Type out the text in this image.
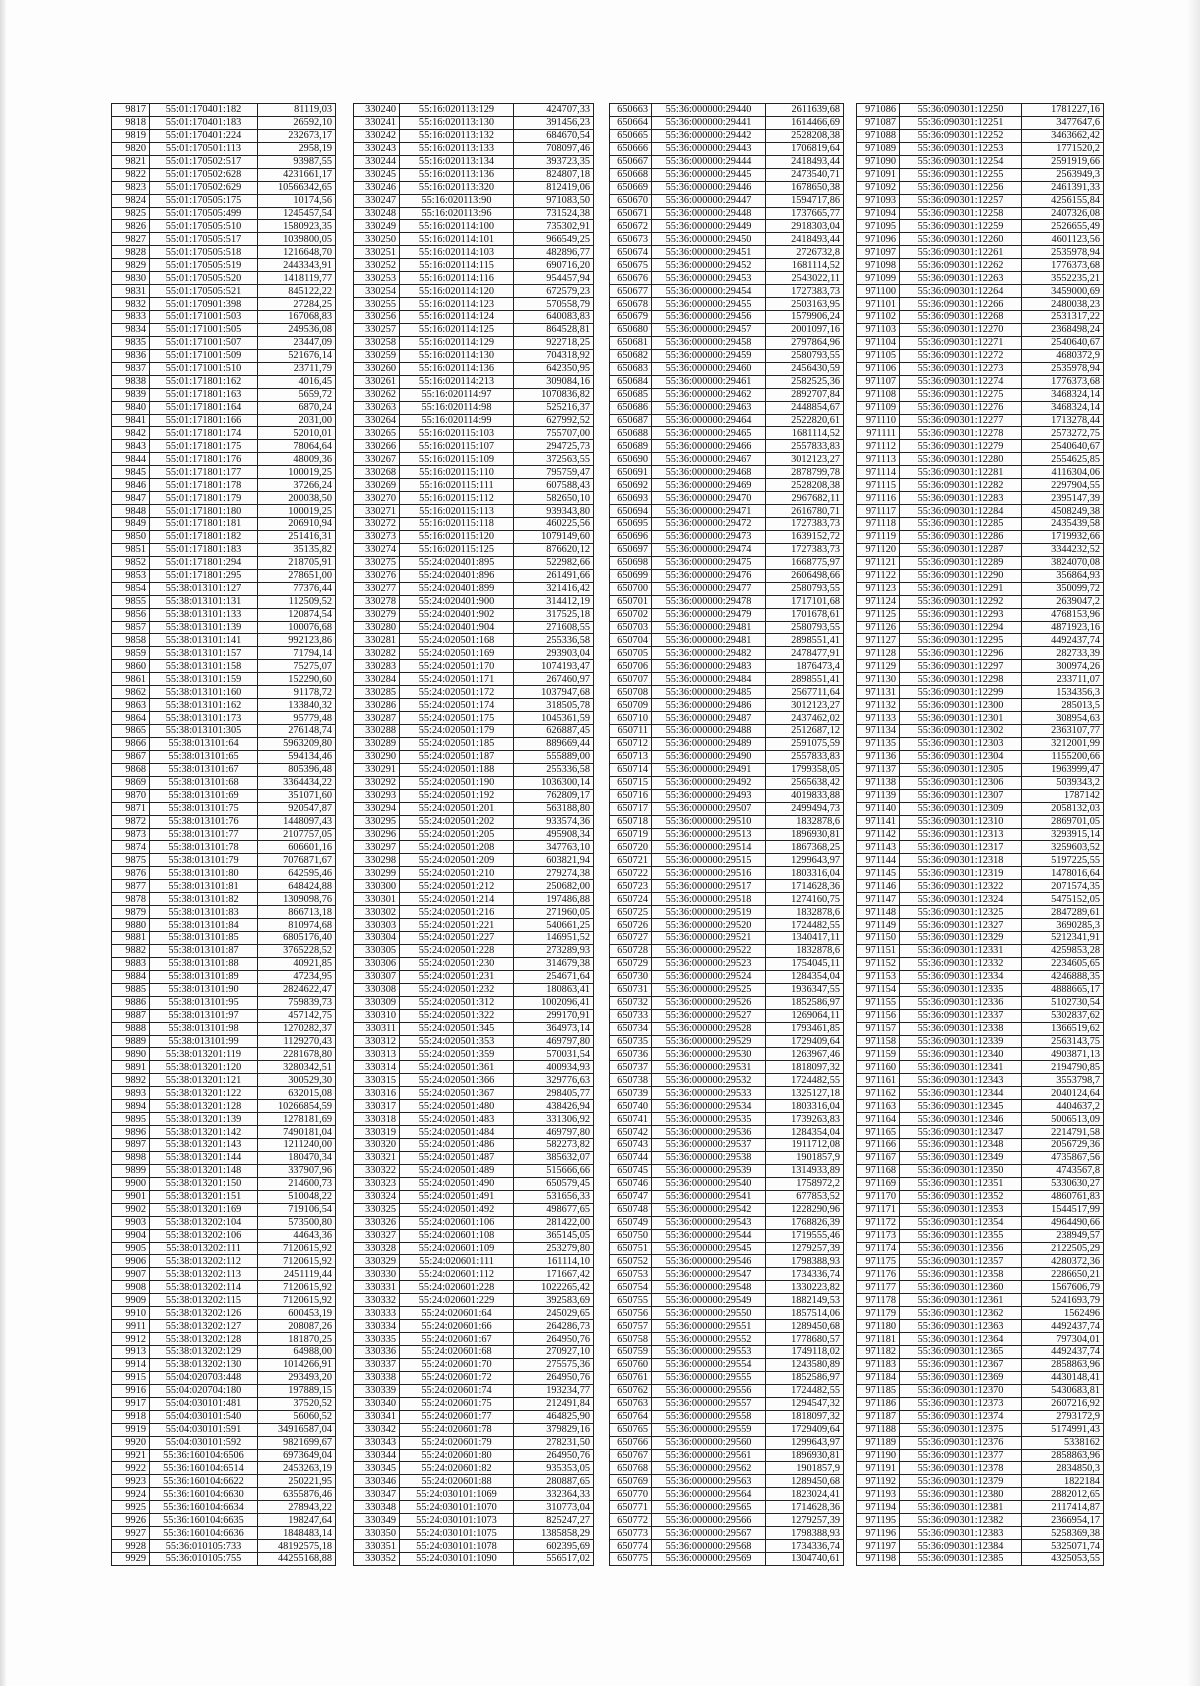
9817	55:01:170401:182	81119,03
9818	55:01:170401:183	26592,10
9819	55:01:170401:224	232673,17
9820	55:01:170501:113	2958,19
9821	55:01:170502:517	93987,55
9822	55:01:170502:628	4231661,17
9823	55:01:170502:629	10566342,65
9824	55:01:170505:175	10174,56
9825	55:01:170505:499	1245457,54
9826	55:01:170505:510	1580923,35
9827	55:01:170505:517	1039800,05
9828	55:01:170505:518	1216648,70
9829	55:01:170505:519	2443343,91
9830	55:01:170505:520	1418119,77
9831	55:01:170505:521	845122,22
9832	55:01:170901:398	27284,25
9833	55:01:171001:503	167068,83
9834	55:01:171001:505	249536,08
9835	55:01:171001:507	23447,09
9836	55:01:171001:509	521676,14
9837	55:01:171001:510	23711,79
9838	55:01:171801:162	4016,45
9839	55:01:171801:163	5659,72
9840	55:01:171801:164	6870,24
9841	55:01:171801:166	2031,00
9842	55:01:171801:174	52010,01
9843	55:01:171801:175	78064,64
9844	55:01:171801:176	48009,36
9845	55:01:171801:177	100019,25
9846	55:01:171801:178	37266,24
9847	55:01:171801:179	200038,50
9848	55:01:171801:180	100019,25
9849	55:01:171801:181	206910,94
9850	55:01:171801:182	251416,31
9851	55:01:171801:183	35135,82
9852	55:01:171801:294	218705,91
9853	55:01:171801:295	278651,00
9854	55:38:013101:127	77376,44
9855	55:38:013101:131	112509,52
9856	55:38:013101:133	120874,54
9857	55:38:013101:139	100076,68
9858	55:38:013101:141	992123,86
9859	55:38:013101:157	71794,14
9860	55:38:013101:158	75275,07
9861	55:38:013101:159	152290,60
9862	55:38:013101:160	91178,72
9863	55:38:013101:162	133840,32
9864	55:38:013101:173	95779,48
9865	55:38:013101:305	276148,74
9866	55:38:013101:64	5963209,80
9867	55:38:013101:65	594134,46
9868	55:38:013101:67	805396,48
9869	55:38:013101:68	3364434,22
9870	55:38:013101:69	351071,60
9871	55:38:013101:75	920547,87
9872	55:38:013101:76	1448097,43
9873	55:38:013101:77	2107757,05
9874	55:38:013101:78	606601,16
9875	55:38:013101:79	7076871,67
9876	55:38:013101:80	642595,46
9877	55:38:013101:81	648424,88
9878	55:38:013101:82	1309098,76
9879	55:38:013101:83	866713,18
9880	55:38:013101:84	810974,68
9881	55:38:013101:85	6805176,40
9882	55:38:013101:87	3765228,52
9883	55:38:013101:88	40921,85
9884	55:38:013101:89	47234,95
9885	55:38:013101:90	2824622,47
9886	55:38:013101:95	759839,73
9887	55:38:013101:97	457142,75
9888	55:38:013101:98	1270282,37
9889	55:38:013101:99	1129270,43
9890	55:38:013201:119	2281678,80
9891	55:38:013201:120	3280342,51
9892	55:38:013201:121	300529,30
9893	55:38:013201:122	632015,08
9894	55:38:013201:128	10266854,59
9895	55:38:013201:139	1278181,69
9896	55:38:013201:142	7490181,04
9897	55:38:013201:143	1211240,00
9898	55:38:013201:144	180470,34
9899	55:38:013201:148	337907,96
9900	55:38:013201:150	214600,73
9901	55:38:013201:151	510048,22
9902	55:38:013201:169	719106,54
9903	55:38:013202:104	573500,80
9904	55:38:013202:106	44643,36
9905	55:38:013202:111	7120615,92
9906	55:38:013202:112	7120615,92
9907	55:38:013202:113	2451119,44
9908	55:38:013202:114	7120615,92
9909	55:38:013202:115	7120615,92
9910	55:38:013202:126	600453,19
9911	55:38:013202:127	208087,26
9912	55:38:013202:128	181870,25
9913	55:38:013202:129	64988,00
9914	55:38:013202:130	1014266,91
9915	55:04:020703:448	293493,20
9916	55:04:020704:180	197889,15
9917	55:04:030101:481	37520,52
9918	55:04:030101:540	56060,52
9919	55:04:030101:591	34916587,04
9920	55:04:030101:592	9821699,67
9921	55:36:160104:6506	6973649,04
9922	55:36:160104:6514	2453263,19
9923	55:36:160104:6622	250221,95
9924	55:36:160104:6630	6355876,46
9925	55:36:160104:6634	278943,22
9926	55:36:160104:6635	198247,64
9927	55:36:160104:6636	1848483,14
9928	55:36:010105:733	48192575,18
9929	55:36:010105:755	44255168,88
330240	55:16:020113:129	424707,33
330241	55:16:020113:130	391456,23
330242	55:16:020113:132	684670,54
330243	55:16:020113:133	708097,46
330244	55:16:020113:134	393723,35
330245	55:16:020113:136	824807,18
330246	55:16:020113:320	812419,06
330247	55:16:020113:90	971083,50
330248	55:16:020113:96	731524,38
330249	55:16:020114:100	735302,91
330250	55:16:020114:101	966549,25
330251	55:16:020114:103	482896,77
330252	55:16:020114:115	690716,20
330253	55:16:020114:116	954457,94
330254	55:16:020114:120	672579,23
330255	55:16:020114:123	570558,79
330256	55:16:020114:124	640083,83
330257	55:16:020114:125	864528,81
330258	55:16:020114:129	922718,25
330259	55:16:020114:130	704318,92
330260	55:16:020114:136	642350,95
330261	55:16:020114:213	309084,16
330262	55:16:020114:97	1070836,82
330263	55:16:020114:98	525216,37
330264	55:16:020114:99	627992,52
330265	55:16:020115:103	755707,00
330266	55:16:020115:107	294725,73
330267	55:16:020115:109	372563,55
330268	55:16:020115:110	795759,47
330269	55:16:020115:111	607588,43
330270	55:16:020115:112	582650,10
330271	55:16:020115:113	939343,80
330272	55:16:020115:118	460225,56
330273	55:16:020115:120	1079149,60
330274	55:16:020115:125	876620,12
330275	55:24:020401:895	522982,66
330276	55:24:020401:896	261491,66
330277	55:24:020401:899	321416,42
330278	55:24:020401:900	314412,19
330279	55:24:020401:902	317525,18
330280	55:24:020401:904	271608,55
330281	55:24:020501:168	255336,58
330282	55:24:020501:169	293903,04
330283	55:24:020501:170	1074193,47
330284	55:24:020501:171	267460,97
330285	55:24:020501:172	1037947,68
330286	55:24:020501:174	318505,78
330287	55:24:020501:175	1045361,59
330288	55:24:020501:179	626887,45
330289	55:24:020501:185	889669,44
330290	55:24:020501:187	555889,00
330291	55:24:020501:188	255336,58
330292	55:24:020501:190	1036300,14
330293	55:24:020501:192	762809,17
330294	55:24:020501:201	563188,80
330295	55:24:020501:202	933574,36
330296	55:24:020501:205	495908,34
330297	55:24:020501:208	347763,10
330298	55:24:020501:209	603821,94
330299	55:24:020501:210	279274,38
330300	55:24:020501:212	250682,00
330301	55:24:020501:214	197486,88
330302	55:24:020501:216	271960,05
330303	55:24:020501:221	540661,25
330304	55:24:020501:227	146951,52
330305	55:24:020501:228	273289,93
330306	55:24:020501:230	314679,38
330307	55:24:020501:231	254671,64
330308	55:24:020501:232	180863,41
330309	55:24:020501:312	1002096,41
330310	55:24:020501:322	299170,91
330311	55:24:020501:345	364973,14
330312	55:24:020501:353	469797,80
330313	55:24:020501:359	570031,54
330314	55:24:020501:361	400934,93
330315	55:24:020501:366	329776,63
330316	55:24:020501:367	298405,77
330317	55:24:020501:480	438426,94
330318	55:24:020501:483	331306,92
330319	55:24:020501:484	469797,80
330320	55:24:020501:486	582273,82
330321	55:24:020501:487	385632,07
330322	55:24:020501:489	515666,66
330323	55:24:020501:490	650579,45
330324	55:24:020501:491	531656,33
330325	55:24:020501:492	498677,65
330326	55:24:020601:106	281422,00
330327	55:24:020601:108	365145,05
330328	55:24:020601:109	253279,80
330329	55:24:020601:111	161114,10
330330	55:24:020601:112	171667,42
330331	55:24:020601:228	1022265,42
330332	55:24:020601:229	392583,69
330333	55:24:020601:64	245029,65
330334	55:24:020601:66	264286,73
330335	55:24:020601:67	264950,76
330336	55:24:020601:68	270927,10
330337	55:24:020601:70	275575,36
330338	55:24:020601:72	264950,76
330339	55:24:020601:74	193234,77
330340	55:24:020601:75	212491,84
330341	55:24:020601:77	464825,90
330342	55:24:020601:78	379829,16
330343	55:24:020601:79	278231,50
330344	55:24:020601:80	264950,76
330345	55:24:020601:82	935353,05
330346	55:24:020601:88	280887,65
330347	55:24:030101:1069	332364,33
330348	55:24:030101:1070	310773,04
330349	55:24:030101:1073	825247,27
330350	55:24:030101:1075	1385858,29
330351	55:24:030101:1078	602395,69
330352	55:24:030101:1090	556517,02
650663	55:36:000000:29440	2611639,68
650664	55:36:000000:29441	1614466,69
650665	55:36:000000:29442	2528208,38
650666	55:36:000000:29443	1706819,64
650667	55:36:000000:29444	2418493,44
650668	55:36:000000:29445	2473540,71
650669	55:36:000000:29446	1678650,38
650670	55:36:000000:29447	1594717,86
650671	55:36:000000:29448	1737665,77
650672	55:36:000000:29449	2918303,04
650673	55:36:000000:29450	2418493,44
650674	55:36:000000:29451	2726732,8
650675	55:36:000000:29452	1681114,52
650676	55:36:000000:29453	2543022,11
650677	55:36:000000:29454	1727383,73
650678	55:36:000000:29455	2503163,95
650679	55:36:000000:29456	1579906,24
650680	55:36:000000:29457	2001097,16
650681	55:36:000000:29458	2797864,96
650682	55:36:000000:29459	2580793,55
650683	55:36:000000:29460	2456430,59
650684	55:36:000000:29461	2582525,36
650685	55:36:000000:29462	2892707,84
650686	55:36:000000:29463	2448854,67
650687	55:36:000000:29464	2522820,61
650688	55:36:000000:29465	1681114,52
650689	55:36:000000:29466	2557833,83
650690	55:36:000000:29467	3012123,27
650691	55:36:000000:29468	2878799,78
650692	55:36:000000:29469	2528208,38
650693	55:36:000000:29470	2967682,11
650694	55:36:000000:29471	2616780,71
650695	55:36:000000:29472	1727383,73
650696	55:36:000000:29473	1639152,72
650697	55:36:000000:29474	1727383,73
650698	55:36:000000:29475	1668775,97
650699	55:36:000000:29476	2606498,66
650700	55:36:000000:29477	2580793,55
650701	55:36:000000:29478	1717101,68
650702	55:36:000000:29479	1701678,61
650703	55:36:000000:29481	2580793,55
650704	55:36:000000:29481	2898551,41
650705	55:36:000000:29482	2478477,91
650706	55:36:000000:29483	1876473,4
650707	55:36:000000:29484	2898551,41
650708	55:36:000000:29485	2567711,64
650709	55:36:000000:29486	3012123,27
650710	55:36:000000:29487	2437462,02
650711	55:36:000000:29488	2512687,12
650712	55:36:000000:29489	2591075,59
650713	55:36:000000:29490	2557833,83
650714	55:36:000000:29491	1799358,05
650715	55:36:000000:29492	2565638,42
650716	55:36:000000:29493	4019833,88
650717	55:36:000000:29507	2499494,73
650718	55:36:000000:29510	1832878,6
650719	55:36:000000:29513	1896930,81
650720	55:36:000000:29514	1867368,25
650721	55:36:000000:29515	1299643,97
650722	55:36:000000:29516	1803316,04
650723	55:36:000000:29517	1714628,36
650724	55:36:000000:29518	1274160,75
650725	55:36:000000:29519	1832878,6
650726	55:36:000000:29520	1724482,55
650727	55:36:000000:29521	1340417,11
650728	55:36:000000:29522	1832878,6
650729	55:36:000000:29523	1754045,11
650730	55:36:000000:29524	1284354,04
650731	55:36:000000:29525	1936347,55
650732	55:36:000000:29526	1852586,97
650733	55:36:000000:29527	1269064,11
650734	55:36:000000:29528	1793461,85
650735	55:36:000000:29529	1729409,64
650736	55:36:000000:29530	1263967,46
650737	55:36:000000:29531	1818097,32
650738	55:36:000000:29532	1724482,55
650739	55:36:000000:29533	1325127,18
650740	55:36:000000:29534	1803316,04
650741	55:36:000000:29535	1739263,83
650742	55:36:000000:29536	1284354,04
650743	55:36:000000:29537	1911712,08
650744	55:36:000000:29538	1901857,9
650745	55:36:000000:29539	1314933,89
650746	55:36:000000:29540	1758972,2
650747	55:36:000000:29541	677853,52
650748	55:36:000000:29542	1228290,96
650749	55:36:000000:29543	1768826,39
650750	55:36:000000:29544	1719555,46
650751	55:36:000000:29545	1279257,39
650752	55:36:000000:29546	1798388,93
650753	55:36:000000:29547	1734336,74
650754	55:36:000000:29548	1330223,82
650755	55:36:000000:29549	1882149,53
650756	55:36:000000:29550	1857514,06
650757	55:36:000000:29551	1289450,68
650758	55:36:000000:29552	1778680,57
650759	55:36:000000:29553	1749118,02
650760	55:36:000000:29554	1243580,89
650761	55:36:000000:29555	1852586,97
650762	55:36:000000:29556	1724482,55
650763	55:36:000000:29557	1294547,32
650764	55:36:000000:29558	1818097,32
650765	55:36:000000:29559	1729409,64
650766	55:36:000000:29560	1299643,97
650767	55:36:000000:29561	1896930,81
650768	55:36:000000:29562	1901857,9
650769	55:36:000000:29563	1289450,68
650770	55:36:000000:29564	1823024,41
650771	55:36:000000:29565	1714628,36
650772	55:36:000000:29566	1279257,39
650773	55:36:000000:29567	1798388,93
650774	55:36:000000:29568	1734336,74
650775	55:36:000000:29569	1304740,61
971086	55:36:090301:12250	1781227,16
971087	55:36:090301:12251	3477647,6
971088	55:36:090301:12252	3463662,42
971089	55:36:090301:12253	1771520,2
971090	55:36:090301:12254	2591919,66
971091	55:36:090301:12255	2563949,3
971092	55:36:090301:12256	2461391,33
971093	55:36:090301:12257	4256155,84
971094	55:36:090301:12258	2407326,08
971095	55:36:090301:12259	2526655,49
971096	55:36:090301:12260	4601123,56
971097	55:36:090301:12261	2535978,94
971098	55:36:090301:12262	1776373,68
971099	55:36:090301:12263	3552235,21
971100	55:36:090301:12264	3459000,69
971101	55:36:090301:12266	2480038,23
971102	55:36:090301:12268	2531317,22
971103	55:36:090301:12270	2368498,24
971104	55:36:090301:12271	2540640,67
971105	55:36:090301:12272	4680372,9
971106	55:36:090301:12273	2535978,94
971107	55:36:090301:12274	1776373,68
971108	55:36:090301:12275	3468324,14
971109	55:36:090301:12276	3468324,14
971110	55:36:090301:12277	1713278,44
971111	55:36:090301:12278	2573272,75
971112	55:36:090301:12279	2540640,67
971113	55:36:090301:12280	2554625,85
971114	55:36:090301:12281	4116304,06
971115	55:36:090301:12282	2297904,55
971116	55:36:090301:12283	2395147,39
971117	55:36:090301:12284	4508249,38
971118	55:36:090301:12285	2435439,58
971119	55:36:090301:12286	1719932,66
971120	55:36:090301:12287	3344232,52
971121	55:36:090301:12289	3824070,08
971122	55:36:090301:12290	356864,93
971123	55:36:090301:12291	350099,72
971124	55:36:090301:12292	2639047,2
971125	55:36:090301:12293	4768153,96
971126	55:36:090301:12294	4871923,16
971127	55:36:090301:12295	4492437,74
971128	55:36:090301:12296	282733,39
971129	55:36:090301:12297	300974,26
971130	55:36:090301:12298	233711,07
971131	55:36:090301:12299	1534356,3
971132	55:36:090301:12300	285013,5
971133	55:36:090301:12301	308954,63
971134	55:36:090301:12302	2363107,77
971135	55:36:090301:12303	3212001,99
971136	55:36:090301:12304	1155200,66
971137	55:36:090301:12305	1963999,47
971138	55:36:090301:12306	5039343,2
971139	55:36:090301:12307	1787142
971140	55:36:090301:12309	2058132,03
971141	55:36:090301:12310	2869701,05
971142	55:36:090301:12313	3293915,14
971143	55:36:090301:12317	3259603,52
971144	55:36:090301:12318	5197225,55
971145	55:36:090301:12319	1478016,64
971146	55:36:090301:12322	2071574,35
971147	55:36:090301:12324	5475152,05
971148	55:36:090301:12325	2847289,61
971149	55:36:090301:12327	3690285,3
971150	55:36:090301:12329	5212341,91
971151	55:36:090301:12331	4259853,28
971152	55:36:090301:12332	2234605,65
971153	55:36:090301:12334	4246888,35
971154	55:36:090301:12335	4888665,17
971155	55:36:090301:12336	5102730,54
971156	55:36:090301:12337	5302837,62
971157	55:36:090301:12338	1366519,62
971158	55:36:090301:12339	2563143,75
971159	55:36:090301:12340	4903871,13
971160	55:36:090301:12341	2194790,85
971161	55:36:090301:12343	3553798,7
971162	55:36:090301:12344	2040124,64
971163	55:36:090301:12345	4404637,2
971164	55:36:090301:12346	5006513,09
971165	55:36:090301:12347	2214791,58
971166	55:36:090301:12348	2056729,36
971167	55:36:090301:12349	4735867,56
971168	55:36:090301:12350	4743567,8
971169	55:36:090301:12351	5330630,27
971170	55:36:090301:12352	4860761,83
971171	55:36:090301:12353	1544517,99
971172	55:36:090301:12354	4964490,66
971173	55:36:090301:12355	238949,57
971174	55:36:090301:12356	2122505,29
971175	55:36:090301:12357	4280372,36
971176	55:36:090301:12358	2286650,21
971177	55:36:090301:12360	1567606,79
971178	55:36:090301:12361	5241693,79
971179	55:36:090301:12362	1562496
971180	55:36:090301:12363	4492437,74
971181	55:36:090301:12364	797304,01
971182	55:36:090301:12365	4492437,74
971183	55:36:090301:12367	2858863,96
971184	55:36:090301:12369	4430148,41
971185	55:36:090301:12370	5430683,81
971186	55:36:090301:12373	2607216,92
971187	55:36:090301:12374	2793172,9
971188	55:36:090301:12375	5174991,43
971189	55:36:090301:12376	5338162
971190	55:36:090301:12377	2858863,96
971191	55:36:090301:12378	2834850,3
971192	55:36:090301:12379	1822184
971193	55:36:090301:12380	2882012,65
971194	55:36:090301:12381	2117414,87
971195	55:36:090301:12382	2366954,17
971196	55:36:090301:12383	5258369,38
971197	55:36:090301:12384	5325071,74
971198	55:36:090301:12385	4325053,55
